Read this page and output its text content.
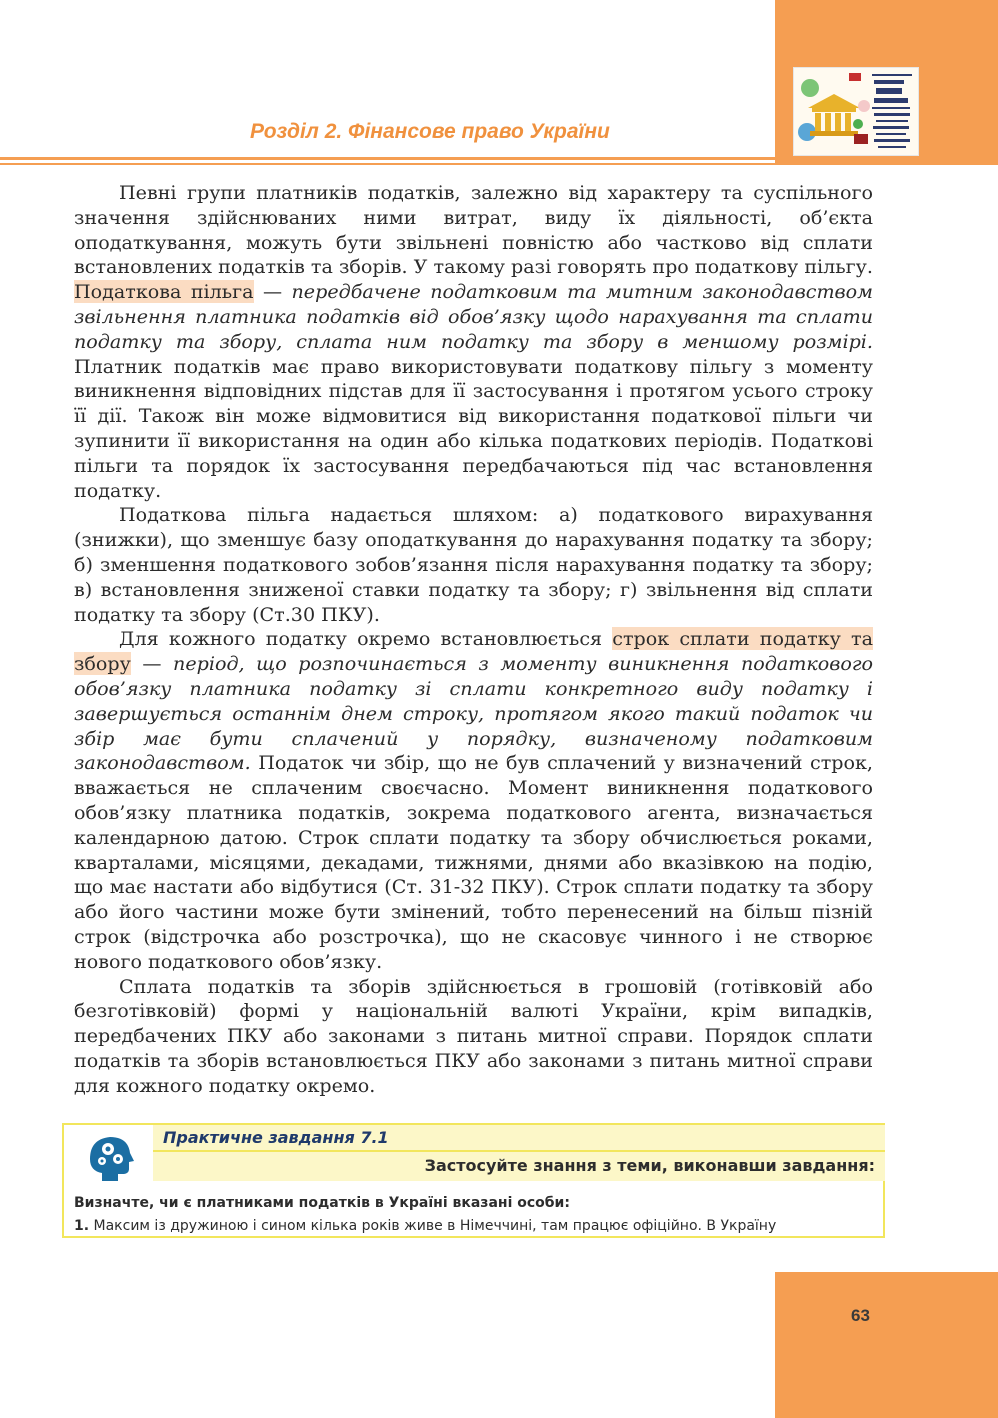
Розділ 2. Фінансове право України

Певні групи платників податків, залежно від характеру та суспільного значення здійснюваних ними витрат, виду їх діяльності, об’єкта оподаткування, можуть бути звільнені повністю або частково від сплати встановлених податків та зборів. У такому разі говорять про податкову пільгу. Податкова пільга — передбачене податковим та митним законодавством звільнення платника податків від обов’язку щодо нарахування та сплати податку та збору, сплата ним податку та збору в меншому розмірі. Платник податків має право використовувати податкову пільгу з моменту виникнення відповідних підстав для її застосування і протягом усього строку її дії. Також він може відмовитися від використання податкової пільги чи зупинити її використання на один або кілька податкових періодів. Податкові пільги та порядок їх застосування передбачаються під час встановлення податку.

Податкова пільга надається шляхом: а) податкового вирахування (знижки), що зменшує базу оподаткування до нарахування податку та збору; б) зменшення податкового зобов’язання після нарахування податку та збору; в) встановлення зниженої ставки податку та збору; г) звільнення від сплати податку та збору (Ст.30 ПКУ).

Для кожного податку окремо встановлюється строк сплати податку та збору — період, що розпочинається з моменту виникнення податкового обов’язку платника податку зі сплати конкретного виду податку і завершується останнім днем строку, протягом якого такий податок чи збір має бути сплачений у порядку, визначеному податковим законодавством. Податок чи збір, що не був сплачений у визначений строк, вважається не сплаченим своєчасно. Момент виникнення податкового обов’язку платника податків, зокрема податкового агента, визначається календарною датою. Строк сплати податку та збору обчислюється роками, кварталами, місяцями, декадами, тижнями, днями або вказівкою на подію, що має настати або відбутися (Ст. 31-32 ПКУ). Строк сплати податку та збору або його частини може бути змінений, тобто перенесений на більш пізній строк (відстрочка або розстрочка), що не скасовує чинного і не створює нового податкового обов’язку.

Сплата податків та зборів здійснюється в грошовій (готівковій або безготівковій) формі у національній валюті України, крім випадків, передбачених ПКУ або законами з питань митної справи. Порядок сплати податків та зборів встановлюється ПКУ або законами з питань митної справи для кожного податку окремо.

Практичне завдання 7.1
Застосуйте знання з теми, виконавши завдання:
Визначте, чи є платниками податків в Україні вказані особи:
1. Максим із дружиною і сином кілька років живе в Німеччині, там працює офіційно. В Україну
63
